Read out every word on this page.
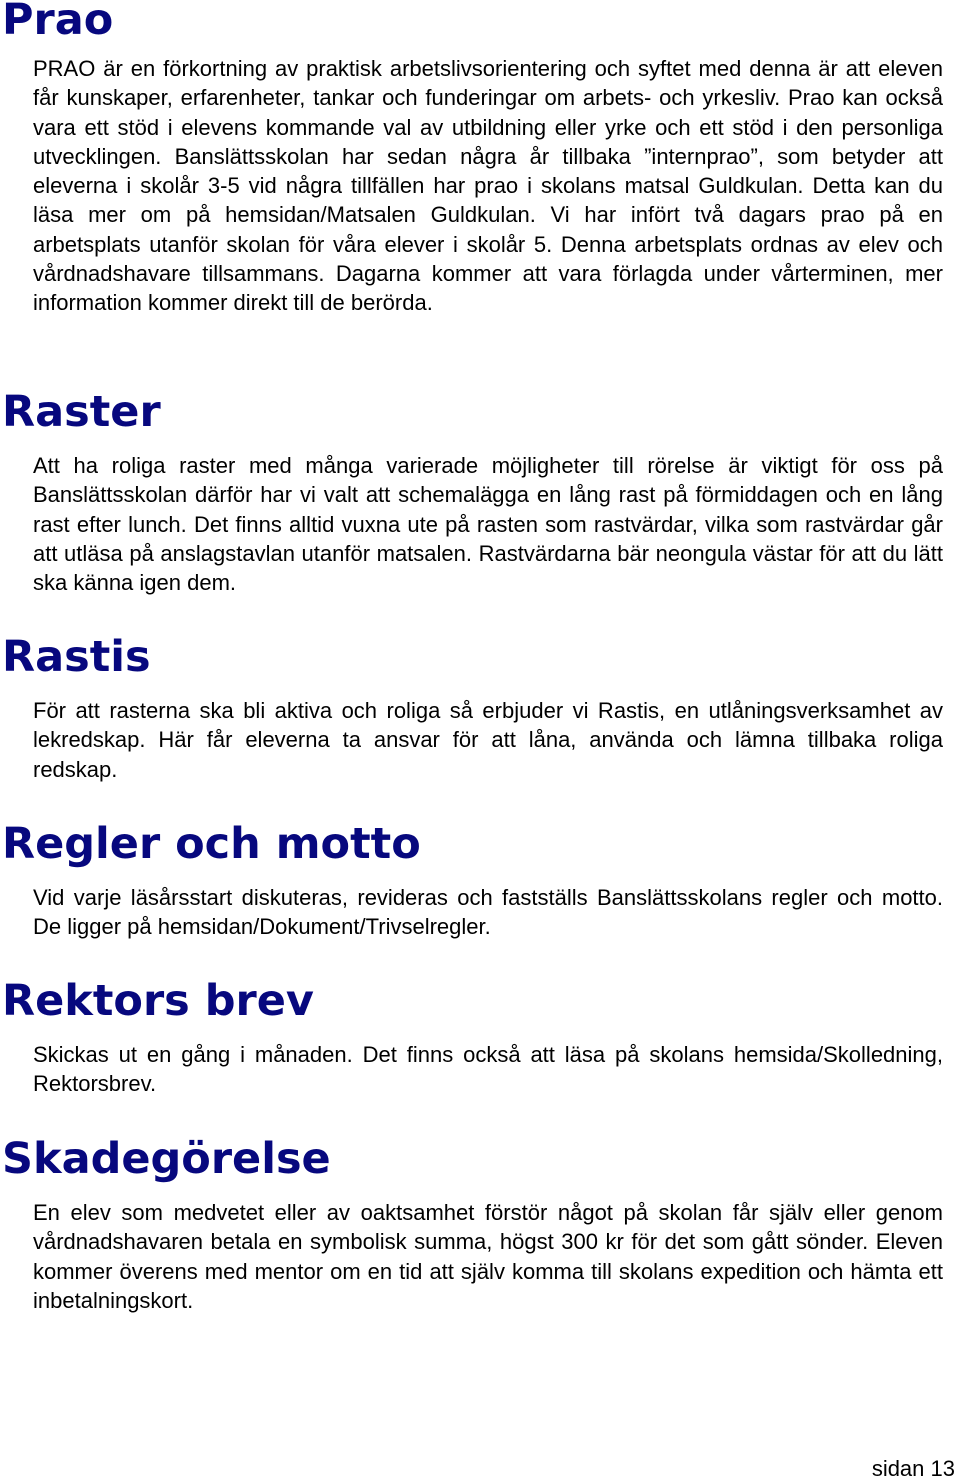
Prao

PRAO är en förkortning av praktisk arbetslivsorientering och syftet med denna är att eleven får kunskaper, erfarenheter, tankar och funderingar om arbets- och yrkesliv. Prao kan också vara ett stöd i elevens kommande val av utbildning eller yrke och ett stöd i den personliga utvecklingen. Banslättsskolan har sedan några år tillbaka ”internprao”, som betyder att eleverna i skolår 3-5 vid några tillfällen har prao i skolans matsal Guldkulan. Detta kan du läsa mer om på hemsidan/Matsalen Guldkulan. Vi har infört två dagars prao på en arbetsplats utanför skolan för våra elever i skolår 5. Denna arbetsplats ordnas av elev och vårdnadshavare tillsammans. Dagarna kommer att vara förlagda under vårterminen, mer information kommer direkt till de berörda.

Raster

Att ha roliga raster med många varierade möjligheter till rörelse är viktigt för oss på Banslättsskolan därför har vi valt att schemalägga en lång rast på förmiddagen och en lång rast efter lunch. Det finns alltid vuxna ute på rasten som rastvärdar, vilka som rastvärdar går att utläsa på anslagstavlan utanför matsalen. Rastvärdarna bär neongula västar för att du lätt ska känna igen dem.

Rastis

För att rasterna ska bli aktiva och roliga så erbjuder vi Rastis, en utlåningsverksamhet av lekredskap. Här får eleverna ta ansvar för att låna, använda och lämna tillbaka roliga redskap.

Regler och motto

Vid varje läsårsstart diskuteras, revideras och fastställs Banslättsskolans regler och motto. De ligger på hemsidan/Dokument/Trivselregler.

Rektors brev

Skickas ut en gång i månaden. Det finns också att läsa på skolans hemsida/Skolledning, Rektorsbrev.

Skadegörelse

En elev som medvetet eller av oaktsamhet förstör något på skolan får själv eller genom vårdnadshavaren betala en symbolisk summa, högst 300 kr för det som gått sönder. Eleven kommer överens med mentor om en tid att själv komma till skolans expedition och hämta ett inbetalningskort.

sidan 13
